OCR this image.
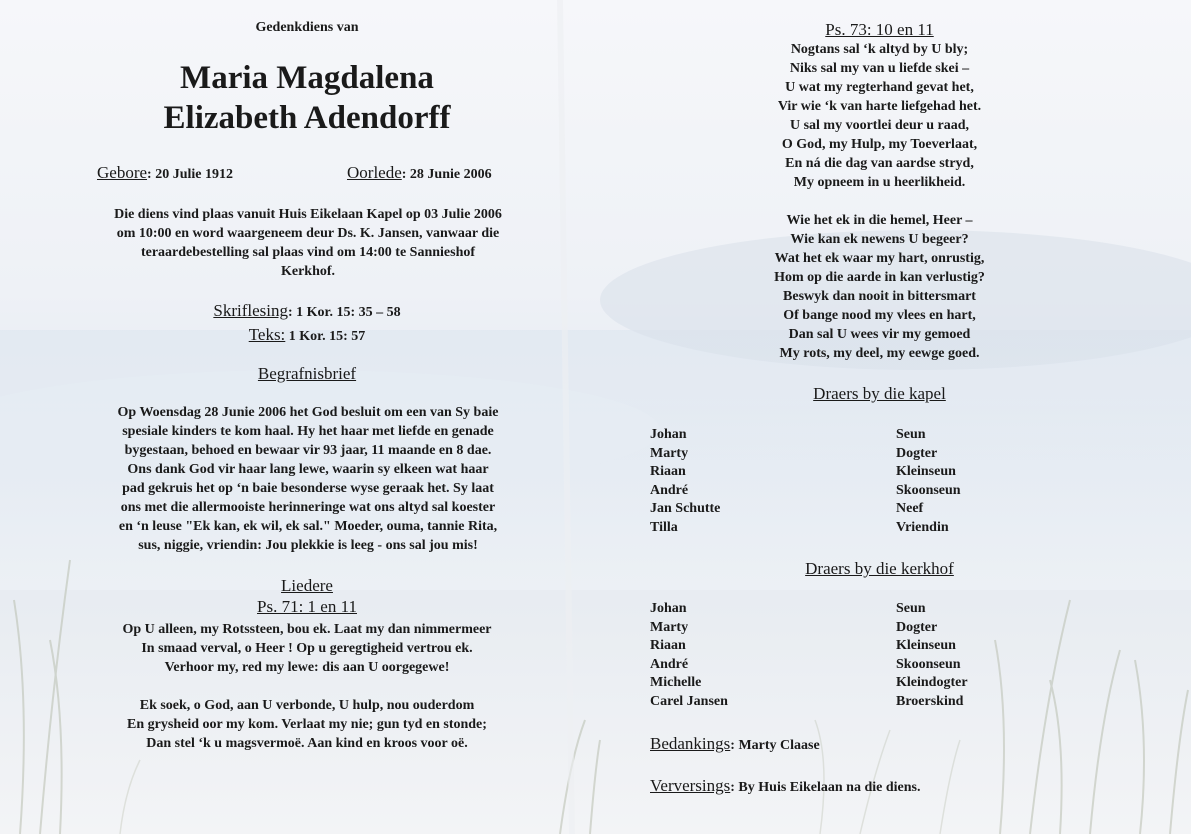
Gedenkdiens van
Maria Magdalena
Elizabeth Adendorff
Gebore: 20 Julie 1912	Oorlede: 28 Junie 2006
Die diens vind plaas vanuit Huis Eikelaan Kapel op 03 Julie 2006
om 10:00 en word waargeneem deur Ds. K. Jansen, vanwaar die
teraardebestelling sal plaas vind om 14:00 te Sannieshof
Kerkhof.
Skriflesing: 1 Kor. 15: 35 – 58
Teks: 1 Kor. 15: 57
Begrafnisbrief
Op Woensdag 28 Junie 2006 het God besluit om een van Sy baie
spesiale kinders te kom haal. Hy het haar met liefde en genade
bygestaan, behoed en bewaar vir 93 jaar, 11 maande en 8 dae.
Ons dank God vir haar lang lewe, waarin sy elkeen wat haar
pad gekruis het op ‘n baie besonderse wyse geraak het. Sy laat
ons met die allermooiste herinneringe wat ons altyd sal koester
en ‘n leuse "Ek kan, ek wil, ek sal." Moeder, ouma, tannie Rita,
sus, niggie, vriendin: Jou plekkie is leeg - ons sal jou mis!
Liedere
Ps. 71: 1 en 11
Op U alleen, my Rotssteen, bou ek. Laat my dan nimmermeer
In smaad verval, o Heer ! Op u geregtigheid vertrou ek.
Verhoor my, red my lewe: dis aan U oorgegewe!
Ek soek, o God, aan U verbonde, U hulp, nou ouderdom
En grysheid oor my kom. Verlaat my nie; gun tyd en stonde;
Dan stel ‘k u magsvermoë. Aan kind en kroos voor oë.
Ps. 73: 10 en 11
Nogtans sal ‘k altyd by U bly;
Niks sal my van u liefde skei –
U wat my regterhand gevat het,
Vir wie ‘k van harte liefgehad het.
U sal my voortlei deur u raad,
O God, my Hulp, my Toeverlaat,
En ná die dag van aardse stryd,
My opneem in u heerlikheid.
Wie het ek in die hemel, Heer –
Wie kan ek newens U begeer?
Wat het ek waar my hart, onrustig,
Hom op die aarde in kan verlustig?
Beswyk dan nooit in bittersmart
Of bange nood my vlees en hart,
Dan sal U wees vir my gemoed
My rots, my deel, my eewge goed.
Draers by die kapel
Johan	Seun
Marty	Dogter
Riaan	Kleinseun
André	Skoonseun
Jan Schutte	Neef
Tilla	Vriendin
Draers by die kerkhof
Johan	Seun
Marty	Dogter
Riaan	Kleinseun
André	Skoonseun
Michelle	Kleindogter
Carel Jansen	Broerskind
Bedankings: Marty Claase
Verversings: By Huis Eikelaan na die diens.
